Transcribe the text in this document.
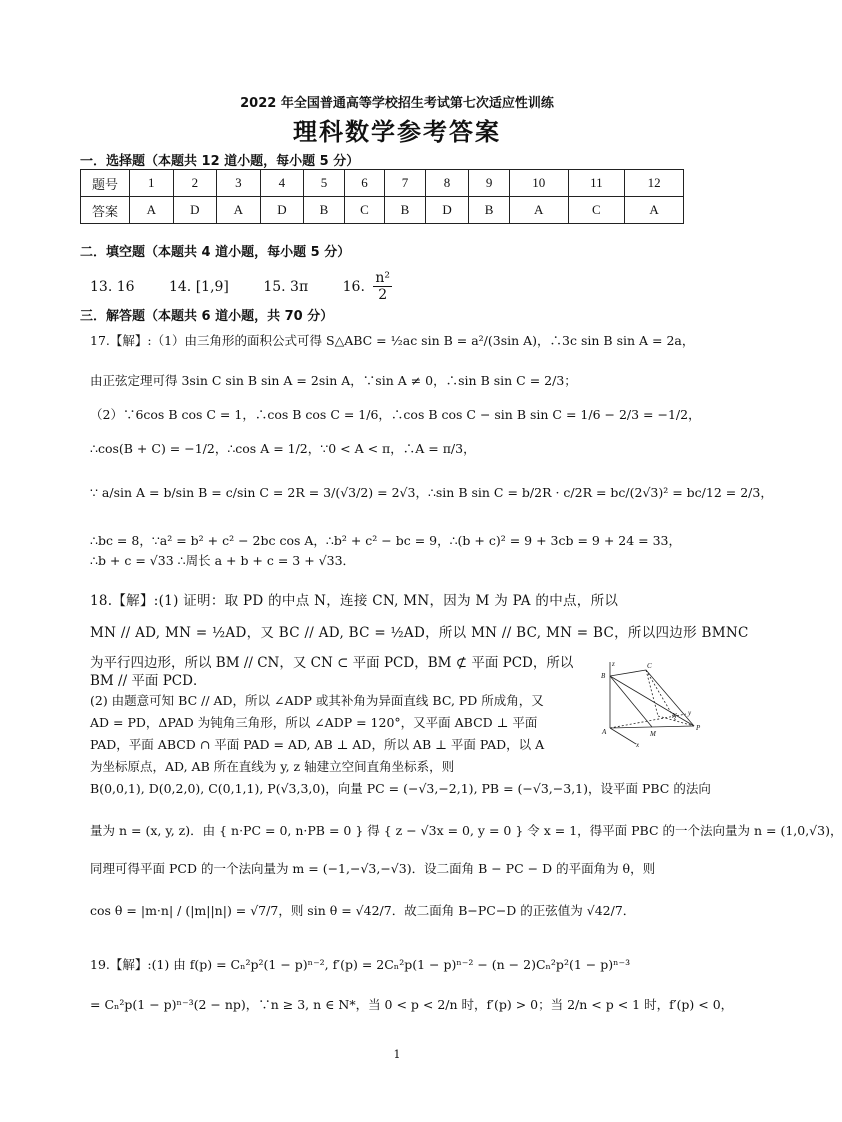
2022 年全国普通高等学校招生考试第七次适应性训练
理科数学参考答案
一．选择题（本题共 12 道小题，每小题 5 分）
题号	1	2	3	4	5	6	7	8	9	10	11	12
答案	A	D	A	D	B	C	B	D	B	A	C	A
二．填空题（本题共 4 道小题，每小题 5 分）
13. 16 14. [1,9] 15. 3π 16. $\frac{\text{n²}}{2}$
三．解答题（本题共 6 道小题，共 70 分）
17.【解】:（1）由三角形的面积公式可得 S△ABC = ½ac sin B = a²/(3sin A)，∴3c sin B sin A = 2a，
由正弦定理可得 3sin C sin B sin A = 2sin A，∵sin A ≠ 0，∴sin B sin C = 2/3；
（2）∵6cos B cos C = 1，∴cos B cos C = 1/6，∴cos B cos C − sin B sin C = 1/6 − 2/3 = −1/2，
∴cos(B + C) = −1/2，∴cos A = 1/2，∵0 < A < π，∴A = π/3，
∵ a/sin A = b/sin B = c/sin C = 2R = 3/(√3/2) = 2√3，∴sin B sin C = b/2R · c/2R = bc/(2√3)² = bc/12 = 2/3，
∴bc = 8，∵a² = b² + c² − 2bc cos A，∴b² + c² − bc = 9，∴(b + c)² = 9 + 3cb = 9 + 24 = 33，
∴b + c = √33 ∴周长 a + b + c = 3 + √33．
18.【解】:(1) 证明：取 PD 的中点 N，连接 CN, MN，因为 M 为 PA 的中点，所以
MN // AD, MN = ½AD，又 BC // AD, BC = ½AD，所以 MN // BC, MN = BC，所以四边形 BMNC
为平行四边形，所以 BM // CN，又 CN ⊂ 平面 PCD，BM ⊄ 平面 PCD，所以
BM // 平面 PCD．
(2) 由题意可知 BC // AD，所以 ∠ADP 或其补角为异面直线 BC, PD 所成角，又
AD = PD，ΔPAD 为钝角三角形，所以 ∠ADP = 120°，又平面 ABCD ⊥ 平面
PAD，平面 ABCD ∩ 平面 PAD = AD, AB ⊥ AD，所以 AB ⊥ 平面 PAD，以 A
为坐标原点，AD, AB 所在直线为 y, z 轴建立空间直角坐标系，则
B(0,0,1), D(0,2,0), C(0,1,1), P(√3,3,0)，向量 PC = (−√3,−2,1), PB = (−√3,−3,1)，设平面 PBC 的法向
量为 n = (x, y, z)．由 { n·PC = 0, n·PB = 0 } 得 { z − √3x = 0, y = 0 } 令 x = 1，得平面 PBC 的一个法向量为 n = (1,0,√3)，
同理可得平面 PCD 的一个法向量为 m = (−1,−√3,−√3)．设二面角 B − PC − D 的平面角为 θ，则
cos θ = |m·n| / (|m||n|) = √7/7，则 sin θ = √42/7．故二面角 B−PC−D 的正弦值为 √42/7．
19.【解】:(1) 由 f(p) = Cₙ²p²(1 − p)ⁿ⁻², f′(p) = 2Cₙ²p(1 − p)ⁿ⁻² − (n − 2)Cₙ²p²(1 − p)ⁿ⁻³
= Cₙ²p(1 − p)ⁿ⁻³(2 − np)，∵n ≥ 3, n ∈ N*，当 0 < p < 2/n 时，f′(p) > 0；当 2/n < p < 1 时，f′(p) < 0，
z
B
C
N y
A	M
P
x
1
